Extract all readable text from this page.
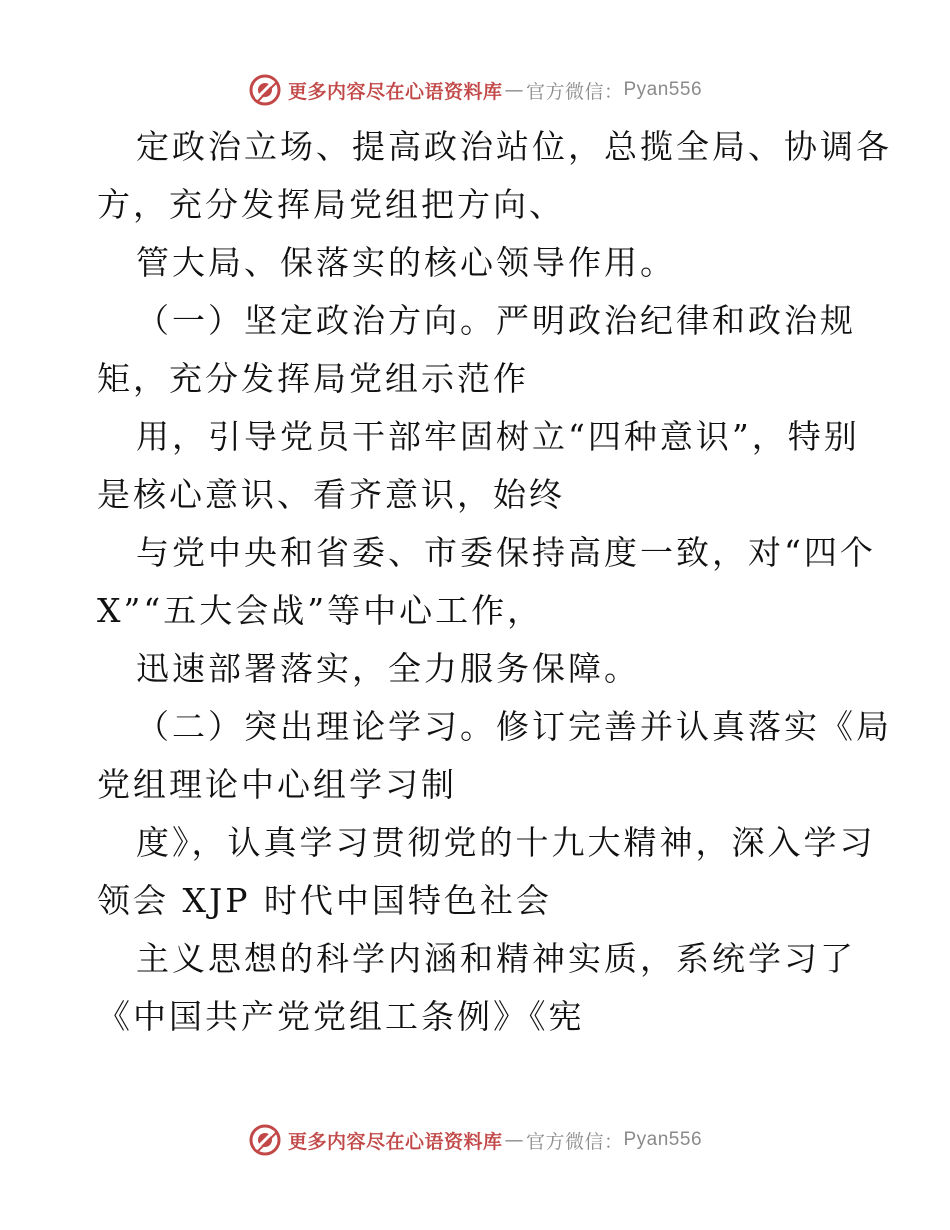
更多内容尽在心语资料库 — 官方微信： Pyan556
定政治立场、提高政治站位，总揽全局、协调各
方，充分发挥局党组把方向、
管大局、保落实的核心领导作用。
（一）坚定政治方向。严明政治纪律和政治规
矩，充分发挥局党组示范作
用，引导党员干部牢固树立“四种意识”，特别
是核心意识、看齐意识，始终
与党中央和省委、市委保持高度一致，对“四个
X”“五大会战”等中心工作，
迅速部署落实，全力服务保障。
（二）突出理论学习。修订完善并认真落实《局
党组理论中心组学习制
度》，认真学习贯彻党的十九大精神，深入学习
领会 XJP 时代中国特色社会
主义思想的科学内涵和精神实质，系统学习了
《中国共产党党组工条例》《宪
更多内容尽在心语资料库 — 官方微信： Pyan556
